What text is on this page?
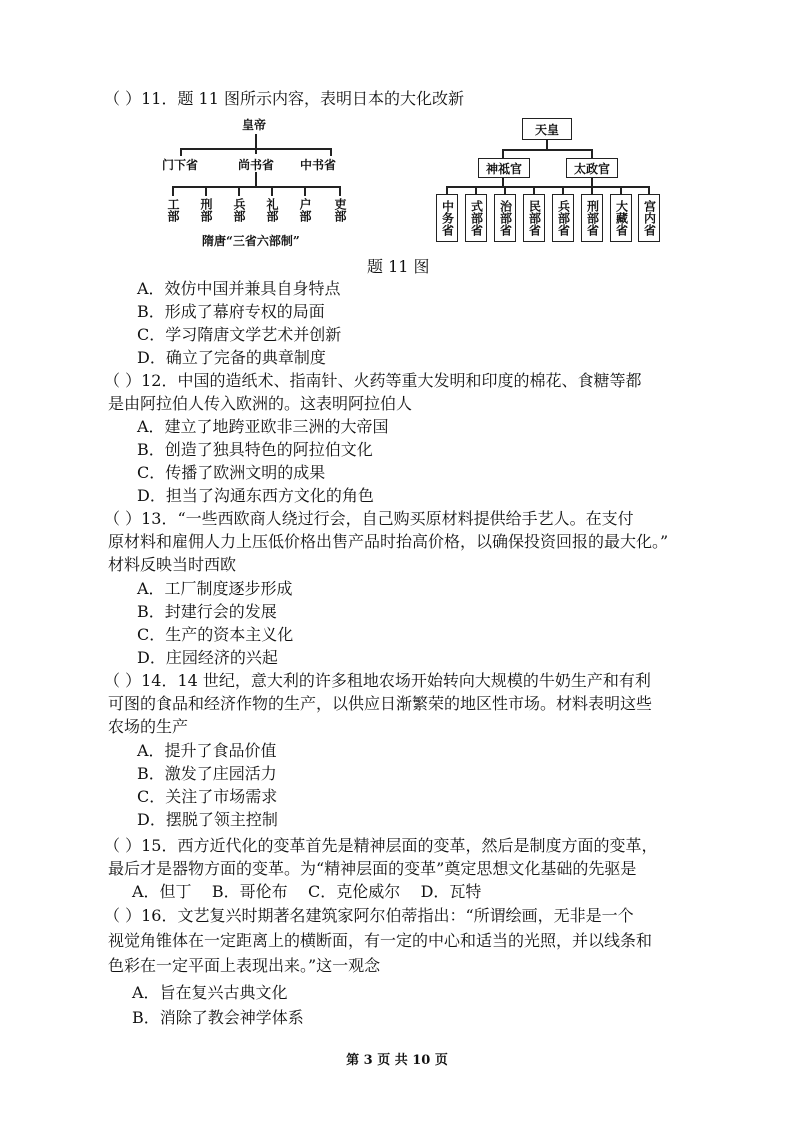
（ ）11．题 11 图所示内容，表明日本的大化改新
皇帝
门下省	尚书省 中书省
工部 刑部 兵部 礼部 户部 吏部
隋唐“三省六部制”
天皇
神祗官	太政官
中务省	式部省	治部省	民部省	兵部省	刑部省	大藏省	宫内省
题 11 图
A．效仿中国并兼具自身特点
B．形成了幕府专权的局面
C．学习隋唐文学艺术并创新
D．确立了完备的典章制度
（ ）12．中国的造纸术、指南针、火药等重大发明和印度的棉花、食糖等都
是由阿拉伯人传入欧洲的。这表明阿拉伯人
A．建立了地跨亚欧非三洲的大帝国
B．创造了独具特色的阿拉伯文化
C．传播了欧洲文明的成果
D．担当了沟通东西方文化的角色
（ ）13．“一些西欧商人绕过行会，自己购买原材料提供给手艺人。在支付
原材料和雇佣人力上压低价格出售产品时抬高价格，以确保投资回报的最大化。”
材料反映当时西欧
A．工厂制度逐步形成
B．封建行会的发展
C．生产的资本主义化
D．庄园经济的兴起
（ ）14．14 世纪，意大利的许多租地农场开始转向大规模的牛奶生产和有利
可图的食品和经济作物的生产，以供应日渐繁荣的地区性市场。材料表明这些
农场的生产
A．提升了食品价值
B．激发了庄园活力
C．关注了市场需求
D．摆脱了领主控制
（ ）15．西方近代化的变革首先是精神层面的变革，然后是制度方面的变革，
最后才是器物方面的变革。为“精神层面的变革”奠定思想文化基础的先驱是
A．但丁    B．哥伦布    C．克伦威尔    D．瓦特
（ ）16．文艺复兴时期著名建筑家阿尔伯蒂指出：“所谓绘画，无非是一个
视觉角锥体在一定距离上的横断面，有一定的中心和适当的光照，并以线条和
色彩在一定平面上表现出来。”这一观念
A．旨在复兴古典文化
B．消除了教会神学体系
第 3 页 共 10 页
